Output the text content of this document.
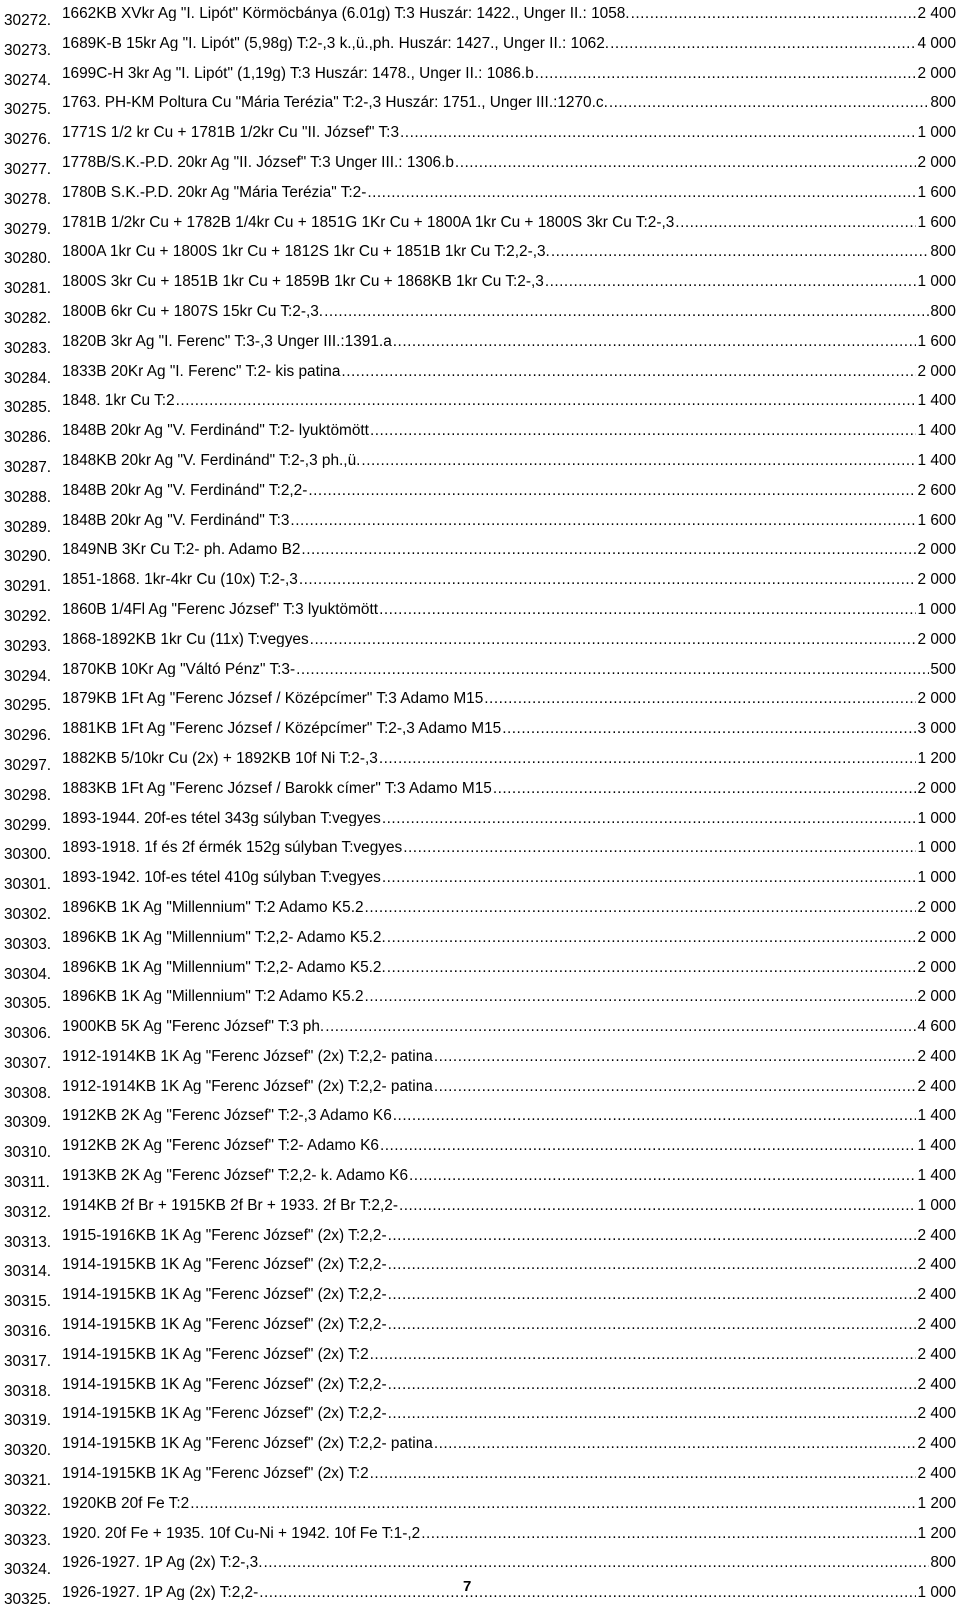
30272. 1662KB XVkr Ag "I. Lipót" Körmöcbánya (6.01g) T:3 Huszár: 1422., Unger II.: 1058. .....	2 400
30273. 1689K-B 15kr Ag "I. Lipót" (5,98g) T:2-,3 k.,ü.,ph. Huszár: 1427., Unger II.: 1062. .....	4 000
30274. 1699C-H 3kr Ag "I. Lipót" (1,19g) T:3 Huszár: 1478., Unger II.: 1086.b .....	2 000
30275. 1763. PH-KM Poltura Cu "Mária Terézia" T:2-,3 Huszár: 1751., Unger III.:1270.c. .....	800
30276. 1771S 1/2 kr Cu + 1781B 1/2kr Cu "II. József" T:3 .....	1 000
30277. 1778B/S.K.-P.D. 20kr Ag "II. József" T:3 Unger III.: 1306.b .....	2 000
30278. 1780B S.K.-P.D. 20kr Ag "Mária Terézia" T:2- .....	1 600
30279. 1781B 1/2kr Cu + 1782B 1/4kr Cu + 1851G 1Kr Cu + 1800A 1kr Cu + 1800S 3kr Cu T:2-,3 .....	1 600
30280. 1800A 1kr Cu + 1800S 1kr Cu + 1812S 1kr Cu + 1851B 1kr Cu T:2,2-,3. .....	800
30281. 1800S 3kr Cu + 1851B 1kr Cu + 1859B 1kr Cu + 1868KB 1kr Cu T:2-,3 .....	1 000
30282. 1800B 6kr Cu + 1807S 15kr Cu T:2-,3. .....	800
30283. 1820B 3kr Ag "I. Ferenc" T:3-,3 Unger III.:1391.a .....	1 600
30284. 1833B 20Kr Ag "I. Ferenc" T:2- kis patina .....	2 000
30285. 1848. 1kr Cu T:2 .....	1 400
30286. 1848B 20kr Ag "V. Ferdinánd" T:2- lyuktömött .....	1 400
30287. 1848KB 20kr Ag "V. Ferdinánd" T:2-,3 ph.,ü. .....	1 400
30288. 1848B 20kr Ag "V. Ferdinánd" T:2,2- .....	2 600
30289. 1848B 20kr Ag "V. Ferdinánd" T:3 .....	1 600
30290. 1849NB 3Kr Cu T:2- ph. Adamo B2 .....	2 000
30291. 1851-1868. 1kr-4kr Cu (10x) T:2-,3 .....	2 000
30292. 1860B 1/4Fl Ag "Ferenc József" T:3 lyuktömött .....	1 000
30293. 1868-1892KB 1kr Cu (11x) T:vegyes .....	2 000
30294. 1870KB 10Kr Ag "Váltó Pénz" T:3- .....	500
30295. 1879KB 1Ft Ag "Ferenc József / Középcímer" T:3 Adamo M15 .....	2 000
30296. 1881KB 1Ft Ag "Ferenc József / Középcímer" T:2-,3 Adamo M15 .....	3 000
30297. 1882KB 5/10kr Cu (2x) + 1892KB 10f Ni T:2-,3 .....	1 200
30298. 1883KB 1Ft Ag "Ferenc József / Barokk címer" T:3 Adamo M15 .....	2 000
30299. 1893-1944. 20f-es tétel 343g súlyban T:vegyes .....	1 000
30300. 1893-1918. 1f és 2f érmék 152g súlyban T:vegyes .....	1 000
30301. 1893-1942. 10f-es tétel 410g súlyban T:vegyes .....	1 000
30302. 1896KB 1K Ag "Millennium" T:2 Adamo K5.2 .....	2 000
30303. 1896KB 1K Ag "Millennium" T:2,2- Adamo K5.2. .....	2 000
30304. 1896KB 1K Ag "Millennium" T:2,2- Adamo K5.2. .....	2 000
30305. 1896KB 1K Ag "Millennium" T:2 Adamo K5.2 .....	2 000
30306. 1900KB 5K Ag "Ferenc József" T:3 ph. .....	4 600
30307. 1912-1914KB 1K Ag "Ferenc József" (2x) T:2,2- patina .....	2 400
30308. 1912-1914KB 1K Ag "Ferenc József" (2x) T:2,2- patina .....	2 400
30309. 1912KB 2K Ag "Ferenc József" T:2-,3 Adamo K6 .....	1 400
30310. 1912KB 2K Ag "Ferenc József" T:2- Adamo K6 .....	1 400
30311. 1913KB 2K Ag "Ferenc József" T:2,2- k. Adamo K6 .....	1 400
30312. 1914KB 2f Br + 1915KB 2f Br + 1933. 2f Br T:2,2- .....	1 000
30313. 1915-1916KB 1K Ag "Ferenc József" (2x) T:2,2- .....	2 400
30314. 1914-1915KB 1K Ag "Ferenc József" (2x) T:2,2- .....	2 400
30315. 1914-1915KB 1K Ag "Ferenc József" (2x) T:2,2- .....	2 400
30316. 1914-1915KB 1K Ag "Ferenc József" (2x) T:2,2- .....	2 400
30317. 1914-1915KB 1K Ag "Ferenc József" (2x) T:2 .....	2 400
30318. 1914-1915KB 1K Ag "Ferenc József" (2x) T:2,2- .....	2 400
30319. 1914-1915KB 1K Ag "Ferenc József" (2x) T:2,2- .....	2 400
30320. 1914-1915KB 1K Ag "Ferenc József" (2x) T:2,2- patina .....	2 400
30321. 1914-1915KB 1K Ag "Ferenc József" (2x) T:2 .....	2 400
30322. 1920KB 20f Fe T:2 .....	1 200
30323. 1920. 20f Fe + 1935. 10f Cu-Ni + 1942. 10f Fe T:1-,2 .....	1 200
30324. 1926-1927. 1P Ag (2x) T:2-,3. .....	800
30325. 1926-1927. 1P Ag (2x) T:2,2- .....	1 000
7
